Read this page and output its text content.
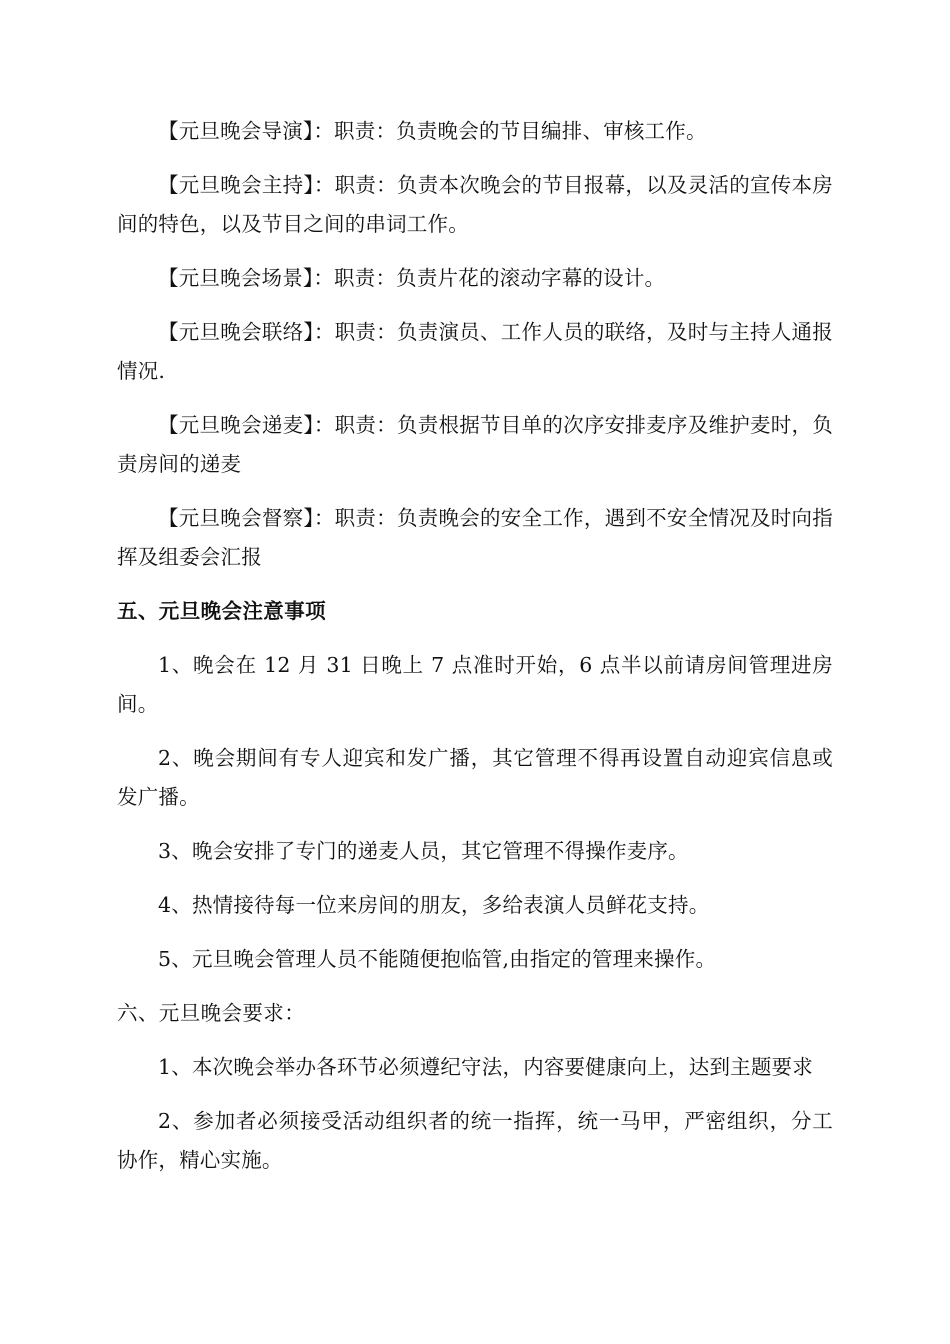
【元旦晚会导演】：职责：负责晚会的节目编排、审核工作。

【元旦晚会主持】：职责：负责本次晚会的节目报幕，以及灵活的宣传本房间的特色，以及节目之间的串词工作。

【元旦晚会场景】：职责：负责片花的滚动字幕的设计。

【元旦晚会联络】：职责：负责演员、工作人员的联络，及时与主持人通报情况.

【元旦晚会递麦】：职责：负责根据节目单的次序安排麦序及维护麦时，负责房间的递麦

【元旦晚会督察】：职责：负责晚会的安全工作，遇到不安全情况及时向指挥及组委会汇报

五、元旦晚会注意事项

1、晚会在 12 月 31 日晚上 7 点准时开始，6 点半以前请房间管理进房间。

2、晚会期间有专人迎宾和发广播，其它管理不得再设置自动迎宾信息或发广播。

3、晚会安排了专门的递麦人员，其它管理不得操作麦序。

4、热情接待每一位来房间的朋友，多给表演人员鲜花支持。

5、元旦晚会管理人员不能随便抱临管,由指定的管理来操作。

六、元旦晚会要求：

1、本次晚会举办各环节必须遵纪守法，内容要健康向上，达到主题要求

2、参加者必须接受活动组织者的统一指挥，统一马甲，严密组织，分工协作，精心实施。
